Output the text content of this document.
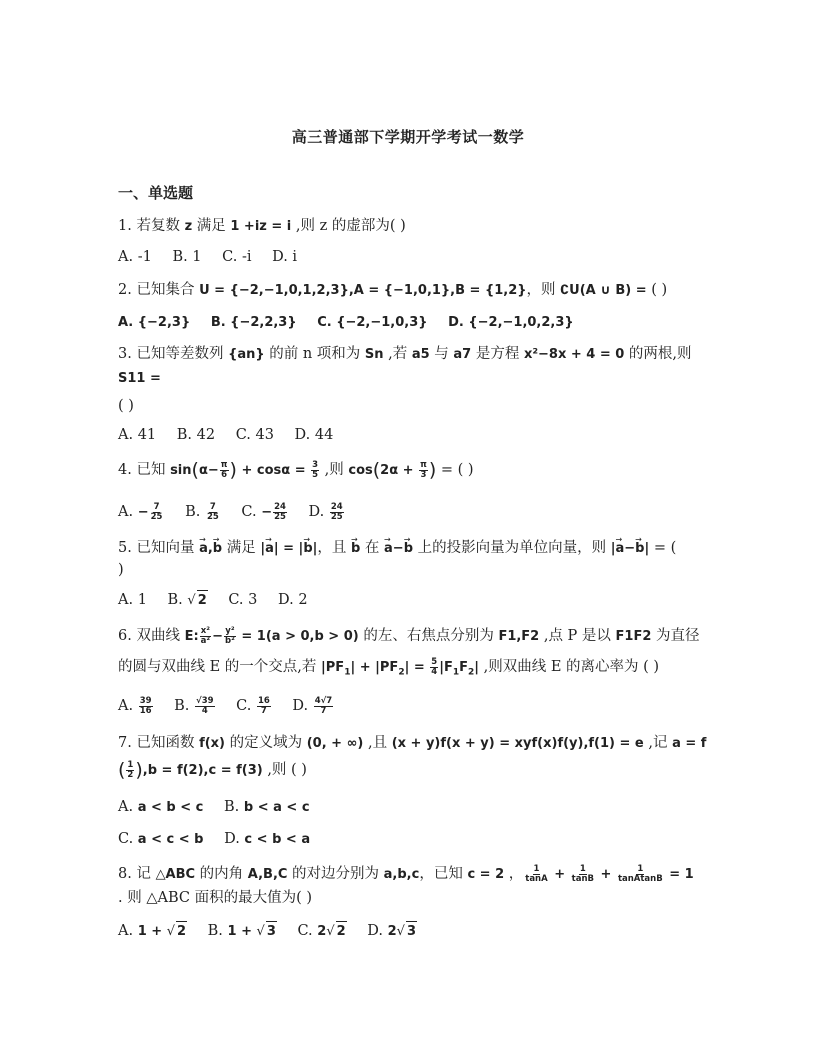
高三普通部下学期开学考试一数学
一、单选题
1. 若复数 z 满足 1 +iz = i ,则 z 的虚部为( )
A. -1 B. 1 C. -i D. i
2. 已知集合 U = {−2,−1,0,1,2,3},A = {−1,0,1},B = {1,2}，则 ∁U(A ∪ B) = ( )
A. {−2,3} B. {−2,2,3} C. {−2,−1,0,3} D. {−2,−1,0,2,3}
3. 已知等差数列 {an} 的前 n 项和为 Sn ,若 a5 与 a7 是方程 x²−8x + 4 = 0 的两根,则
S11 =
( )
A. 41 B. 42 C. 43 D. 44
4. 已知 $\sin(\alpha- \frac{\pi}{6}$ ) + $\cos\alpha = \frac{3}{5}$ ,则 $\cos(2\alpha + \frac{\pi}{3}$ ) = ( )
A. − $\frac{7}{25} B$. $\frac{7}{25} C$. − $\frac{24}{25} D$. $\frac{24}{25}$
5. 已知向量 → a,→ b 满足 |→ a| = |→ b|，且 → b 在 → a−→ b 上的投影向量为单位向量，则 |→ a−→ b| = (
)
A. 1 B. √ 2 C. 3 D. 2
6. 双曲线 E: $\frac{\text{x²}}{\text{a²}} - \frac{\text{y²}}{\text{b²}} = 1(a > 0,b > 0)$ 的左、右焦点分别为 F1,F2 ,点 P 是以 F1F2 为直径
的圆与双曲线 E 的一个交点,若 $|PF_1| + |PF_2| = \frac{5}{4} |F_1F_2|$ ,则双曲线 E 的离心率为 ( )
A. $\frac{39}{16} B$. $\frac{√39}{4} C$. $\frac{16}{7} D$. $\frac{4√7}{7}$
7. 已知函数 f(x) 的定义域为 (0, + ∞) ,且 (x + y)f(x + y) = xyf(x)f(y),f(1) = e ,记 a = f
( $\frac{1}{2} ),b = f(2),c = f(3)$ ,则 ( )
A. a < b < c B. b < a < c
C. a < c < b D. c < b < a
8. 记 △ABC 的内角 A,B,C 的对边分别为 a,b,c，已知 c = 2 ， $\frac{1}{\tan A} + \frac{1}{\tan B} + \frac{1}{\text{tanAtanB}} = 1$
. 则 △ABC 面积的最大值为( )
A. 1 + √ 2 B. 1 + √ 3 C. 2√ 2 D. 2√ 3
